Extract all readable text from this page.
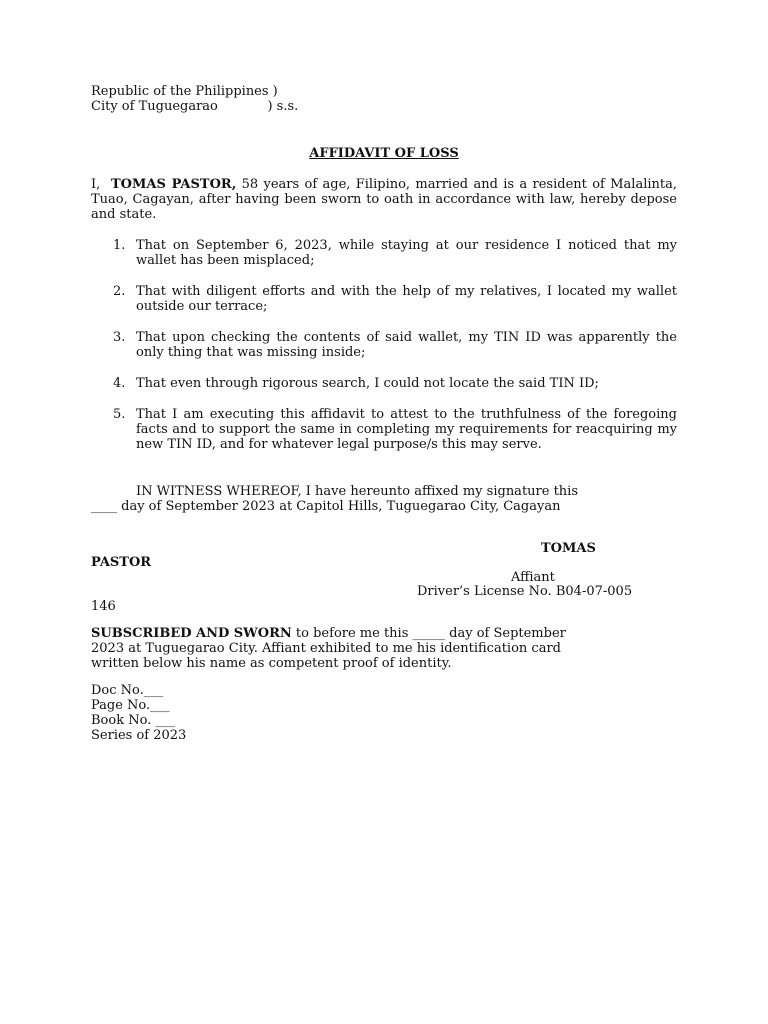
Republic of the Philippines )
City of Tuguegarao            ) s.s.
AFFIDAVIT OF LOSS
I,  TOMAS PASTOR, 58 years of age, Filipino, married and is a resident of Malalinta, Tuao, Cagayan, after having been sworn to oath in accordance with law, hereby depose and state.
1. That on September 6, 2023, while staying at our residence I noticed that my wallet has been misplaced;
2. That with diligent efforts and with the help of my relatives, I located my wallet outside our terrace;
3. That upon checking the contents of said wallet, my TIN ID was apparently the only thing that was missing inside;
4. That even through rigorous search, I could not locate the said TIN ID;
5. That I am executing this affidavit to attest to the truthfulness of the foregoing facts and to support the same in completing my requirements for reacquiring my new TIN ID, and for whatever legal purpose/s this may serve.
IN WITNESS WHEREOF, I have hereunto affixed my signature this
____ day of September 2023 at Capitol Hills, Tuguegarao City, Cagayan
TOMAS
PASTOR
Affiant
Driver’s License No. B04-07-005
146
SUBSCRIBED AND SWORN to before me this _____ day of September
2023 at Tuguegarao City. Affiant exhibited to me his identification card
written below his name as competent proof of identity.
Doc No.___
Page No.___
Book No. ___
Series of 2023
